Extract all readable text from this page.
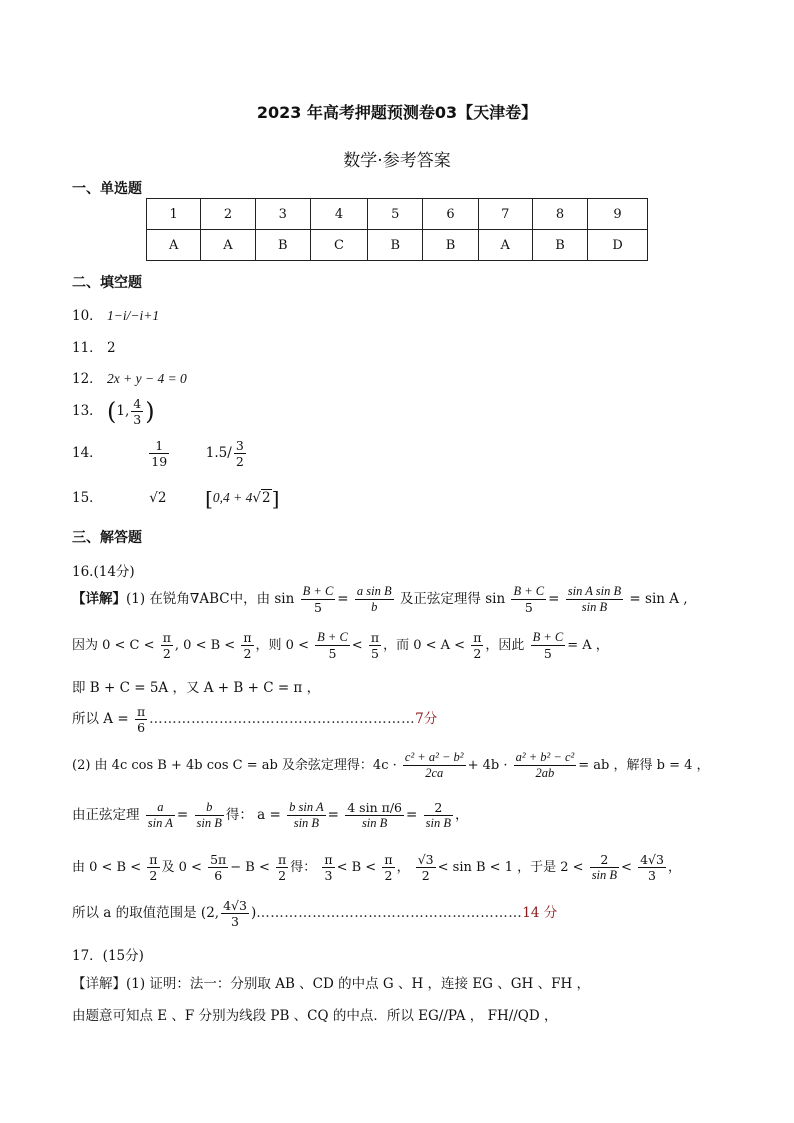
2023 年高考押题预测卷03【天津卷】
数学·参考答案
一、单选题
1	2	3	4	5	6	7	8	9
A	A	B	C	B	B	A	B	D
二、填空题
10． 1−i/−i+1
11． 2
12． 2x + y − 4 = 0
13． (1, $\frac{4}{3}$ )
14．	$\frac{1}{19}$	$1.5/ \frac{3}{2}$
15．	√2 [0,4 + 4√2]
三、解答题
16.(14分)
【详解】(1) 在锐角∇ABC中，由 $\sin \frac{B + C}{5} = \frac{\text{a sin B}}{b}$ 及正弦定理得 $\sin \frac{B + C}{5} = \frac{\text{sin A sin B}}{\text{sin B}} = \sin A$ ,
因为 $0 < C < \frac{\pi}{2}$ , $0 < B < \frac{\pi}{2}$ ，则 $0 < \frac{B + C}{5} < \frac{\pi}{5}$ ，而 $0 < A < \frac{\pi}{2}$ ，因此 $\frac{B + C}{5} = A$ ，
即 B + C = 5A ，又 A + B + C = π ，
所以 $A = \frac{\pi}{6}$ …………………………………………………7分
(2) 由 4c cos B + 4b cos C = ab 及余弦定理得：$4c \cdot \frac{\text{c² + a² − b²}}{2ca} + 4b \cdot \frac{\text{a² + b² − c²}}{2ab}$ = ab ，解得 b = 4 ，
由正弦定理 $\frac{a}{\text{sin A}} = \frac{b}{\text{sin B}}$ 得： $a = \frac{\text{b sin A}}{\text{sin B}} = \frac{\text{4 sin π/6}}{\text{sin B}} = \frac{2}{\text{sin B}}$ ，
由 $0 < B < \frac{\pi}{2}$ 及 $0 < \frac{5\pi}{6} - B < \frac{\pi}{2}$ 得： $\frac{\pi}{3} < B < \frac{\pi}{2}$ ， $\frac{√3}{2} < \sin B < 1$ ，于是 $2 < \frac{2}{\text{sin B}} < \frac{4√3}{3}$ ，
所以 a 的取值范围是 (2, $\frac{4√3}{3}$ )…………………………………………………14 分
17．(15分)
【详解】(1) 证明：法一：分别取 AB 、CD 的中点 G 、H ，连接 EG 、GH 、FH ，
由题意可知点 E 、F 分别为线段 PB 、CQ 的中点．所以 EG//PA ， FH//QD ，
